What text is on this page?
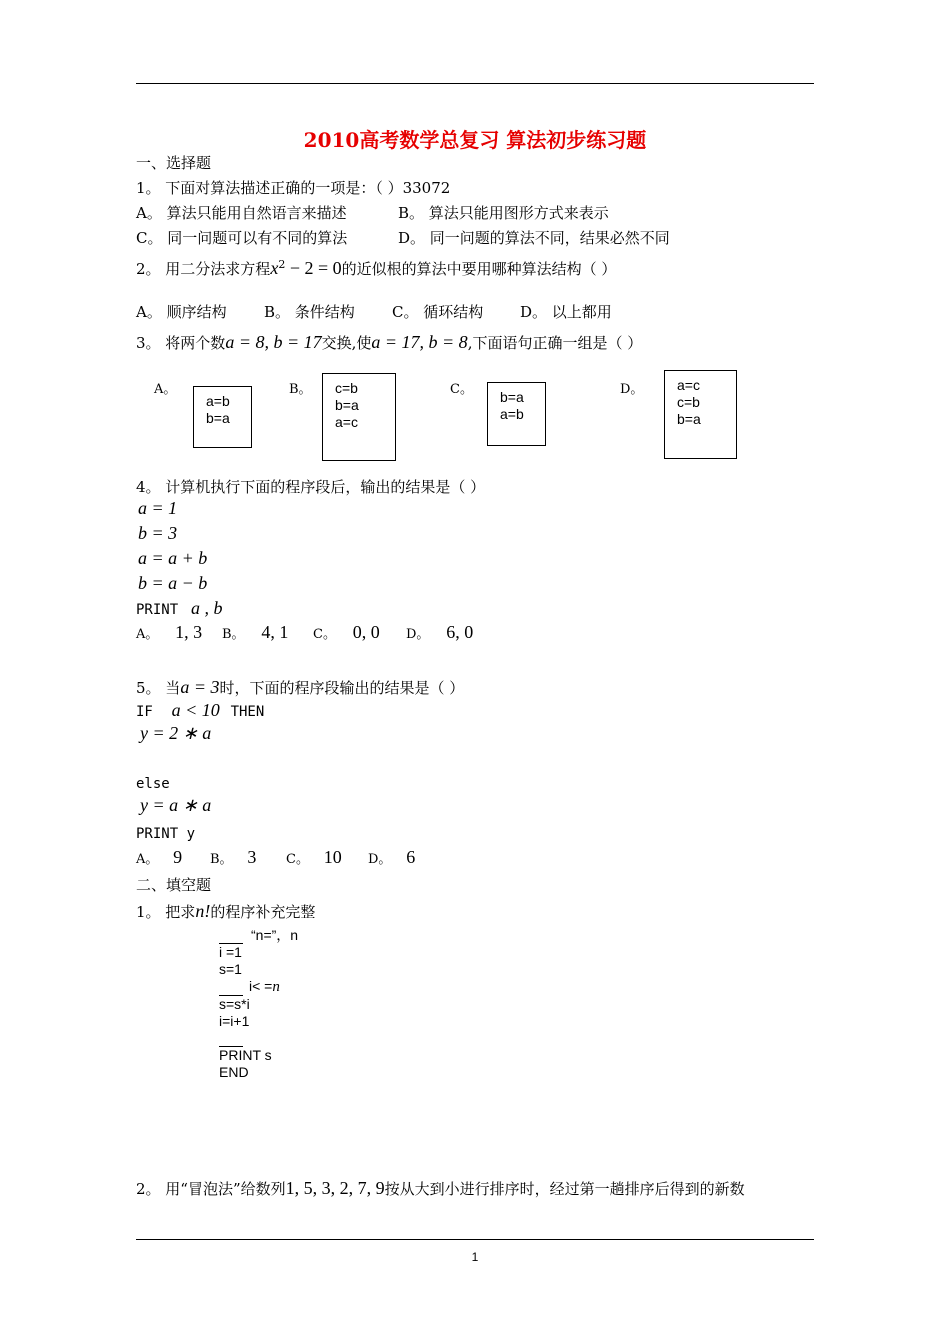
2010高考数学总复习 算法初步练习题
一、选择题
1。 下面对算法描述正确的一项是：（ ）33072
A。 算法只能用自然语言来描述	B。 算法只能用图形方式来表示
C。 同一问题可以有不同的算法	D。 同一问题的算法不同，结果必然不同
2。 用二分法求方程$x^2 - 2 = 0$的近似根的算法中要用哪种算法结构（ ）
A。 顺序结构 B。 条件结构 C。 循环结构 D。 以上都用
3。 将两个数a = 8, b = 17交换,使a = 17, b = 8,下面语句正确一组是（ ）
A。
a=b
b=a
B。 c=b
b=a
a=c
C。 b=a
a=b
D。 a=c
c=b
b=a
4。 计算机执行下面的程序段后，输出的结果是（ ）
a = 1
b = 3
a = a + b
b = a − b
PRINT a , b
A。 1, 3 B。 4, 1 C。 0, 0 D。 6, 0
5。 当a = 3时，下面的程序段输出的结果是（ ）
IF a < 10 THEN
y = 2 ∗ a
else
y = a ∗ a
PRINT y
A。 9 B。 3 C。 10 D。 6
二、填空题
1。 把求n!的程序补充完整
“n=”，n
i =1
s=1
i< =n
s=s*i
i=i+1
PRINT s
END
2。 用“冒泡法”给数列1, 5, 3, 2, 7, 9按从大到小进行排序时，经过第一趟排序后得到的新数
1
